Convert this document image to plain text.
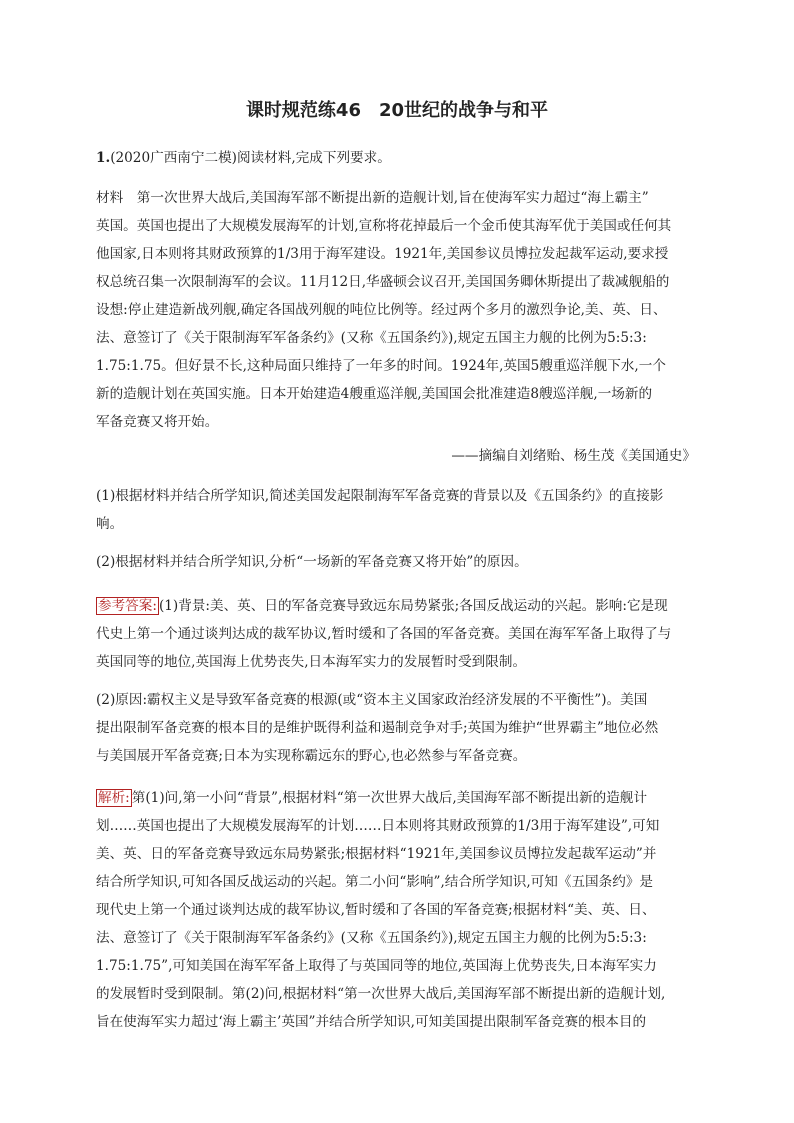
课时规范练46　20世纪的战争与和平

1.(2020广西南宁二模)阅读材料,完成下列要求。

材料　第一次世界大战后,美国海军部不断提出新的造舰计划,旨在使海军实力超过“海上霸主”
英国。英国也提出了大规模发展海军的计划,宣称将花掉最后一个金币使其海军优于美国或任何其
他国家,日本则将其财政预算的1/3用于海军建设。1921年,美国参议员博拉发起裁军运动,要求授
权总统召集一次限制海军的会议。11月12日,华盛顿会议召开,美国国务卿休斯提出了裁减舰船的
设想:停止建造新战列舰,确定各国战列舰的吨位比例等。经过两个多月的激烈争论,美、英、日、
法、意签订了《关于限制海军军备条约》(又称《五国条约》),规定五国主力舰的比例为5:5:3:
1.75:1.75。但好景不长,这种局面只维持了一年多的时间。1924年,英国5艘重巡洋舰下水,一个
新的造舰计划在英国实施。日本开始建造4艘重巡洋舰,美国国会批准建造8艘巡洋舰,一场新的
军备竞赛又将开始。
——摘编自刘绪贻、杨生茂《美国通史》
(1)根据材料并结合所学知识,简述美国发起限制海军军备竞赛的背景以及《五国条约》的直接影
响。
(2)根据材料并结合所学知识,分析“一场新的军备竞赛又将开始”的原因。
参考答案: (1)背景:美、英、日的军备竞赛导致远东局势紧张;各国反战运动的兴起。影响:它是现
代史上第一个通过谈判达成的裁军协议,暂时缓和了各国的军备竞赛。美国在海军军备上取得了与
英国同等的地位,英国海上优势丧失,日本海军实力的发展暂时受到限制。
(2)原因:霸权主义是导致军备竞赛的根源(或“资本主义国家政治经济发展的不平衡性”)。美国
提出限制军备竞赛的根本目的是维护既得利益和遏制竞争对手;英国为维护“世界霸主”地位必然
与美国展开军备竞赛;日本为实现称霸远东的野心,也必然参与军备竞赛。
解析: 第(1)问,第一小问“背景”,根据材料“第一次世界大战后,美国海军部不断提出新的造舰计
划……英国也提出了大规模发展海军的计划……日本则将其财政预算的1/3用于海军建设”,可知
美、英、日的军备竞赛导致远东局势紧张;根据材料“1921年,美国参议员博拉发起裁军运动”并
结合所学知识,可知各国反战运动的兴起。第二小问“影响”,结合所学知识,可知《五国条约》是
现代史上第一个通过谈判达成的裁军协议,暂时缓和了各国的军备竞赛;根据材料“美、英、日、
法、意签订了《关于限制海军军备条约》(又称《五国条约》),规定五国主力舰的比例为5:5:3:
1.75:1.75”,可知美国在海军军备上取得了与英国同等的地位,英国海上优势丧失,日本海军实力
的发展暂时受到限制。第(2)问,根据材料“第一次世界大战后,美国海军部不断提出新的造舰计划,
旨在使海军实力超过‘海上霸主’英国”并结合所学知识,可知美国提出限制军备竞赛的根本目的
